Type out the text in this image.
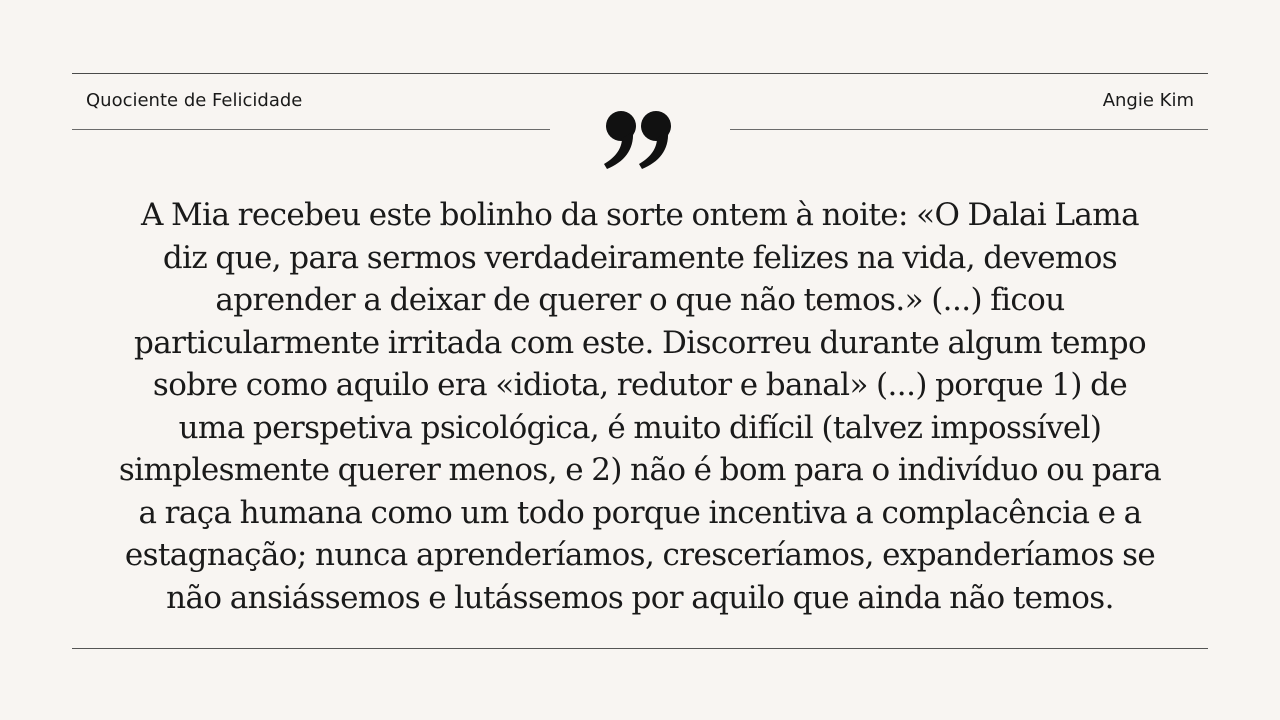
Quociente de Felicidade	Angie Kim

A Mia recebeu este bolinho da sorte ontem à noite: «O Dalai Lama
diz que, para sermos verdadeiramente felizes na vida, devemos
aprender a deixar de querer o que não temos.» (...) ficou
particularmente irritada com este. Discorreu durante algum tempo
sobre como aquilo era «idiota, redutor e banal» (...) porque 1) de
uma perspetiva psicológica, é muito difícil (talvez impossível)
simplesmente querer menos, e 2) não é bom para o indivíduo ou para
a raça humana como um todo porque incentiva a complacência e a
estagnação; nunca aprenderíamos, cresceríamos, expanderíamos se
não ansiássemos e lutássemos por aquilo que ainda não temos.
